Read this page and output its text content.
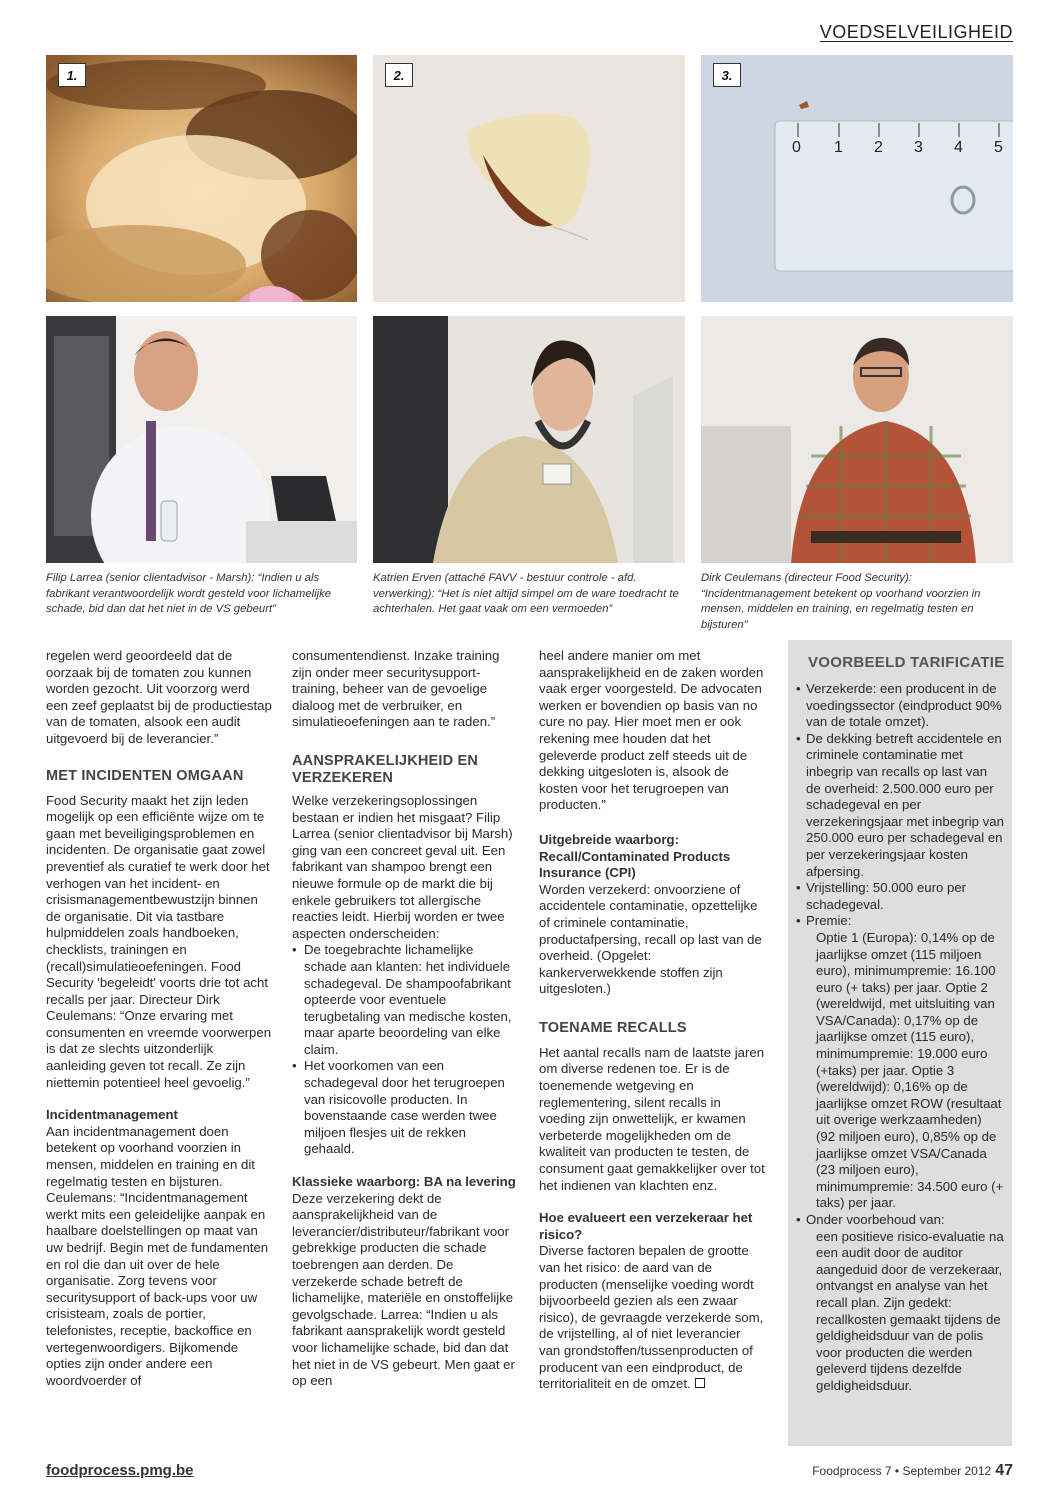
VOEDSELVEILIGHEID
1.	2.
0 1 2 3 4 5
3.
Filip Larrea (senior clientadvisor - Marsh): “Indien u als fabrikant verantwoordelijk wordt gesteld voor lichamelijke schade, bid dan dat het niet in de VS gebeurt”
Katrien Erven (attaché FAVV - bestuur controle - afd. verwerking): “Het is niet altijd simpel om de ware toedracht te achterhalen. Het gaat vaak om een vermoeden”
Dirk Ceulemans (directeur Food Security): “Incidentmanagement betekent op voorhand voorzien in mensen, middelen en training, en regelmatig testen en bijsturen”

regelen werd geoordeeld dat de oorzaak bij de tomaten zou kunnen worden gezocht. Uit voorzorg werd een zeef geplaatst bij de productiestap van de tomaten, alsook een audit uitgevoerd bij de leverancier.”

MET INCIDENTEN OMGAAN

Food Security maakt het zijn leden mogelijk op een efficiënte wijze om te gaan met beveiligingsproblemen en incidenten. De organisatie gaat zowel preventief als curatief te werk door het verhogen van het incident- en crisismanagementbewustzijn binnen de organisatie. Dit via tastbare hulpmiddelen zoals handboeken, checklists, trainingen en (recall)simulatieoefeningen. Food Security 'begeleidt' voorts drie tot acht recalls per jaar. Directeur Dirk Ceulemans: “Onze ervaring met consumenten en vreemde voorwerpen is dat ze slechts uitzonderlijk aanleiding geven tot recall. Ze zijn niettemin potentieel heel gevoelig.”

Incidentmanagement

Aan incidentmanagement doen betekent op voorhand voorzien in mensen, middelen en training en dit regelmatig testen en bijsturen. Ceulemans: “Incidentmanagement werkt mits een geleidelijke aanpak en haalbare doelstellingen op maat van uw bedrijf. Begin met de fundamenten en rol die dan uit over de hele organisatie. Zorg tevens voor securitysupport of back-ups voor uw crisisteam, zoals de portier, telefonistes, receptie, backoffice en vertegenwoordigers. Bijkomende opties zijn onder andere een woordvoerder of

consumentendienst. Inzake training zijn onder meer securitysupport-training, beheer van de gevoelige dialoog met de verbruiker, en simulatieoefeningen aan te raden.”

AANSPRAKELIJKHEID EN VERZEKEREN

Welke verzekeringsoplossingen bestaan er indien het misgaat? Filip Larrea (senior clientadvisor bij Marsh) ging van een concreet geval uit. Een fabrikant van shampoo brengt een nieuwe formule op de markt die bij enkele gebruikers tot allergische reacties leidt. Hierbij worden er twee aspecten onderscheiden:

• De toegebrachte lichamelijke schade aan klanten: het individuele schadegeval. De shampoofabrikant opteerde voor eventuele terugbetaling van medische kosten, maar aparte beoordeling van elke claim.
• Het voorkomen van een schadegeval door het terugroepen van risicovolle producten. In bovenstaande case werden twee miljoen flesjes uit de rekken gehaald.
Klassieke waarborg: BA na levering

Deze verzekering dekt de aansprakelijkheid van de leverancier/distributeur/fabrikant voor gebrekkige producten die schade toebrengen aan derden. De verzekerde schade betreft de lichamelijke, materiële en onstoffelijke gevolgschade. Larrea: “Indien u als fabrikant aansprakelijk wordt gesteld voor lichamelijke schade, bid dan dat het niet in de VS gebeurt. Men gaat er op een

heel andere manier om met aansprakelijkheid en de zaken worden vaak erger voorgesteld. De advocaten werken er bovendien op basis van no cure no pay. Hier moet men er ook rekening mee houden dat het geleverde product zelf steeds uit de dekking uitgesloten is, alsook de kosten voor het terugroepen van producten.”

Uitgebreide waarborg: Recall/Contaminated Products Insurance (CPI)

Worden verzekerd: onvoorziene of accidentele contaminatie, opzettelijke of criminele contaminatie, productafpersing, recall op last van de overheid. (Opgelet: kankerverwekkende stoffen zijn uitgesloten.)

TOENAME RECALLS

Het aantal recalls nam de laatste jaren om diverse redenen toe. Er is de toenemende wetgeving en reglementering, silent recalls in voeding zijn onwettelijk, er kwamen verbeterde mogelijkheden om de kwaliteit van producten te testen, de consument gaat gemakkelijker over tot het indienen van klachten enz.

Hoe evalueert een verzekeraar het risico?

Diverse factoren bepalen de grootte van het risico: de aard van de producten (menselijke voeding wordt bijvoorbeeld gezien als een zwaar risico), de gevraagde verzekerde som, de vrijstelling, al of niet leverancier van grondstoffen/tussenproducten of producent van een eindproduct, de territorialiteit en de omzet.

VOORBEELD TARIFICATIE
• Verzekerde: een producent in de voedingssector (eindproduct 90% van de totale omzet).
• De dekking betreft accidentele en criminele contaminatie met inbegrip van recalls op last van de overheid: 2.500.000 euro per schadegeval en per verzekeringsjaar met inbegrip van 250.000 euro per schadegeval en per verzekeringsjaar kosten afpersing.
• Vrijstelling: 50.000 euro per schadegeval.
• Premie:
Optie 1 (Europa): 0,14% op de jaarlijkse omzet (115 miljoen euro), minimumpremie: 16.100 euro (+ taks) per jaar. Optie 2 (wereldwijd, met uitsluiting van VSA/Canada): 0,17% op de jaarlijkse omzet (115 euro), minimumpremie: 19.000 euro (+taks) per jaar. Optie 3 (wereldwijd): 0,16% op de jaarlijkse omzet ROW (resultaat uit overige werkzaamheden) (92 miljoen euro), 0,85% op de jaarlijkse omzet VSA/Canada (23 miljoen euro), minimumpremie: 34.500 euro (+ taks) per jaar.
• Onder voorbehoud van:
een positieve risico-evaluatie na een audit door de auditor aangeduid door de verzekeraar, ontvangst en analyse van het recall plan. Zijn gedekt: recallkosten gemaakt tijdens de geldigheidsduur van de polis voor producten die werden geleverd tijdens dezelfde geldigheidsduur.
foodprocess.pmg.be	Foodprocess 7 • September 2012 47
